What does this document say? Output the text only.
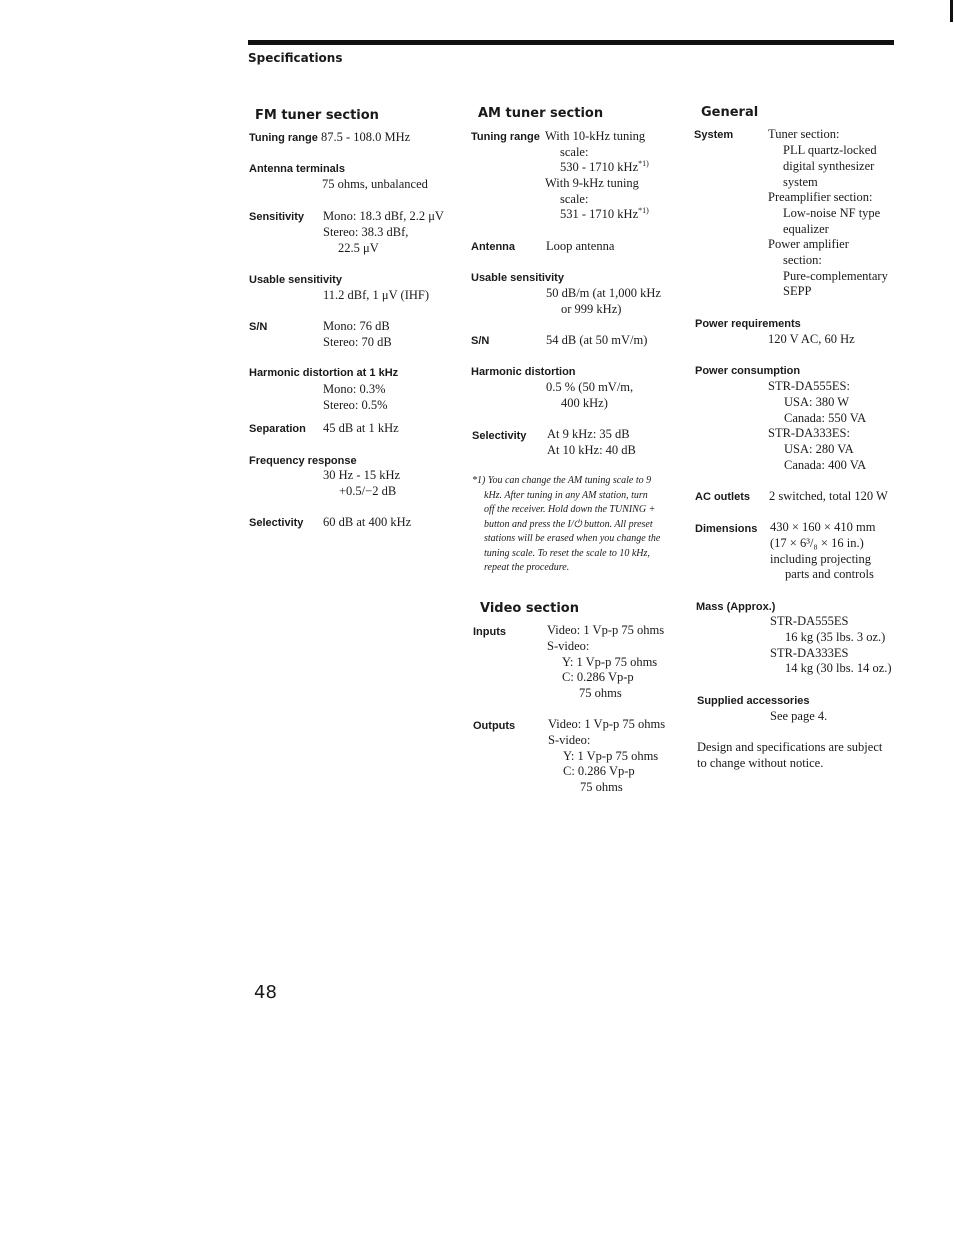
Specifications
FM tuner section
Tuning range 87.5 - 108.0 MHz
Antenna terminals
75 ohms, unbalanced
Sensitivity Mono: 18.3 dBf, 2.2 μV
Stereo: 38.3 dBf,
22.5 μV
Usable sensitivity
11.2 dBf, 1 μV (IHF)
S/N	Mono: 76 dB
Stereo: 70 dB
Harmonic distortion at 1 kHz
Mono: 0.3%
Stereo: 0.5%
Separation 45 dB at 1 kHz
Frequency response
30 Hz - 15 kHz
+0.5/−2 dB
Selectivity 60 dB at 400 kHz
AM tuner section
Tuning range With 10-kHz tuning
scale:
530 - 1710 kHz$^{*1)}$
With 9-kHz tuning
scale:
531 - 1710 kHz$^{*1)}$
Antenna Loop antenna
Usable sensitivity
50 dB/m (at 1,000 kHz
or 999 kHz)
S/N	54 dB (at 50 mV/m)
Harmonic distortion
0.5 % (50 mV/m,
400 kHz)
Selectivity At 9 kHz: 35 dB
At 10 kHz: 40 dB
*1) You can change the AM tuning scale to 9
kHz. After tuning in any AM station, turn
off the receiver. Hold down the TUNING +
button and press the I/⏻ button. All preset
stations will be erased when you change the
tuning scale. To reset the scale to 10 kHz,
repeat the procedure.
Video section
Inputs	Video: 1 Vp-p 75 ohms
S-video:
Y: 1 Vp-p 75 ohms
C: 0.286 Vp-p
75 ohms
Outputs	Video: 1 Vp-p 75 ohms
S-video:
Y: 1 Vp-p 75 ohms
C: 0.286 Vp-p
75 ohms
General
System	Tuner section:
PLL quartz-locked
digital synthesizer
system
Preamplifier section:
Low-noise NF type
equalizer
Power amplifier
section:
Pure-complementary
SEPP
Power requirements
120 V AC, 60 Hz
Power consumption
STR-DA555ES:
USA: 380 W
Canada: 550 VA
STR-DA333ES:
USA: 280 VA
Canada: 400 VA
AC outlets 2 switched, total 120 W
Dimensions 430 × 160 × 410 mm
(17 × 6³/₈ × 16 in.)
including projecting
parts and controls
Mass (Approx.)
STR-DA555ES
16 kg (35 lbs. 3 oz.)
STR-DA333ES
14 kg (30 lbs. 14 oz.)
Supplied accessories
See page 4.
Design and specifications are subject
to change without notice.
48
